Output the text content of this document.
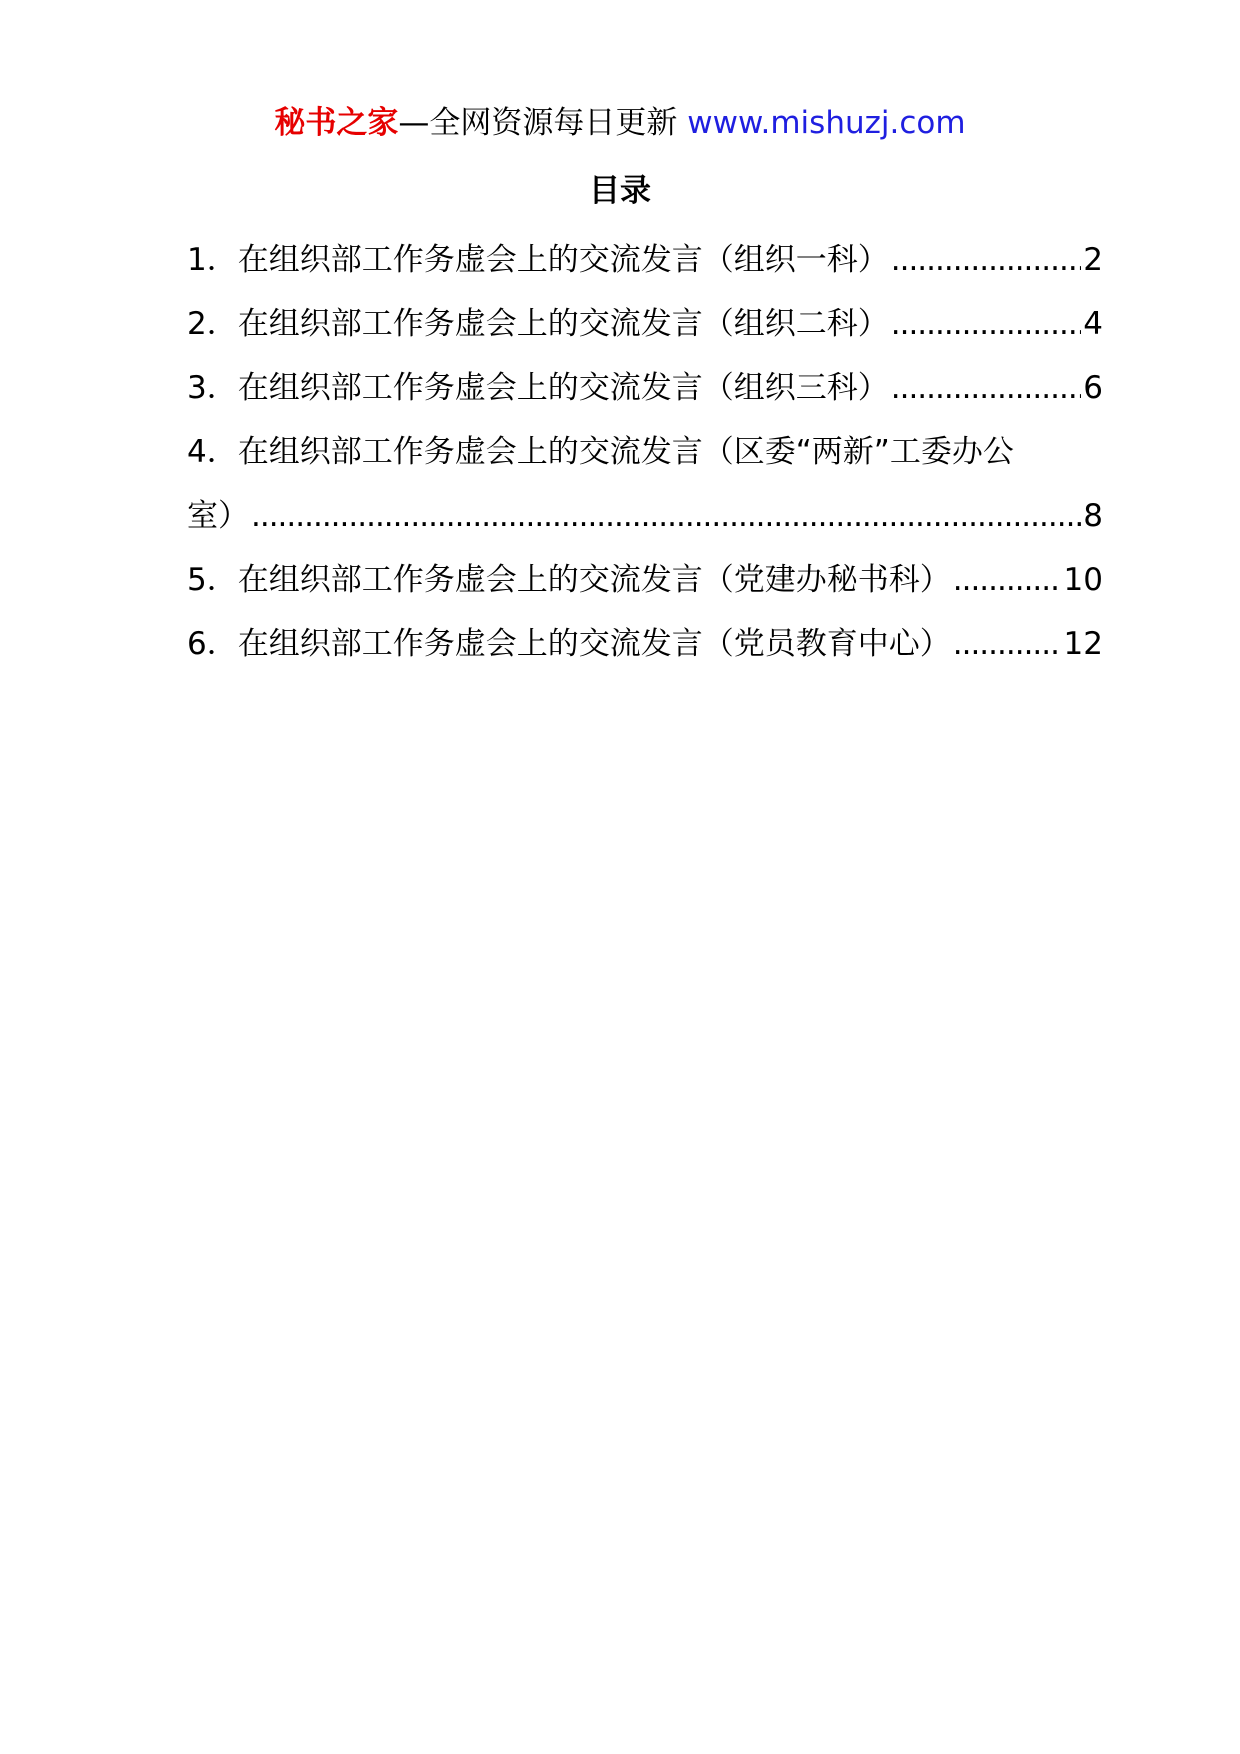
秘书之家—全网资源每日更新 www.mishuzj.com
目录
1．在组织部工作务虚会上的交流发言（组织一科） .....	2
2．在组织部工作务虚会上的交流发言（组织二科） .....	4
3．在组织部工作务虚会上的交流发言（组织三科） .....	6
4．在组织部工作务虚会上的交流发言（区委“两新”工委办公
室） .....	8
5．在组织部工作务虚会上的交流发言（党建办秘书科） .....	10
6．在组织部工作务虚会上的交流发言（党员教育中心） .....	12
